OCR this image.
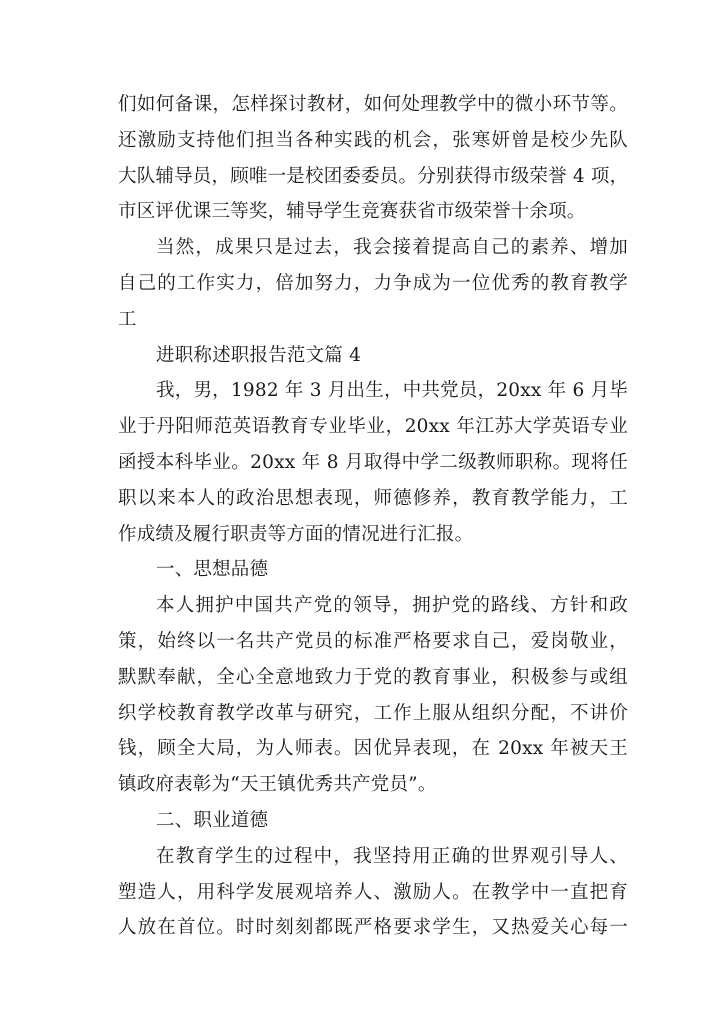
们如何备课，怎样探讨教材，如何处理教学中的微小环节等。
还激励支持他们担当各种实践的机会，张寒妍曾是校少先队
大队辅导员，顾唯一是校团委委员。分别获得市级荣誉 4 项，
市区评优课三等奖，辅导学生竞赛获省市级荣誉十余项。
当然，成果只是过去，我会接着提高自己的素养、增加
自己的工作实力，倍加努力，力争成为一位优秀的教育教学
工
进职称述职报告范文篇 4
我，男，1982 年 3 月出生，中共党员，20xx 年 6 月毕
业于丹阳师范英语教育专业毕业，20xx 年江苏大学英语专业
函授本科毕业。20xx 年 8 月取得中学二级教师职称。现将任
职以来本人的政治思想表现，师德修养，教育教学能力，工
作成绩及履行职责等方面的情况进行汇报。
一、思想品德
本人拥护中国共产党的领导，拥护党的路线、方针和政
策，始终以一名共产党员的标准严格要求自己，爱岗敬业，
默默奉献，全心全意地致力于党的教育事业，积极参与或组
织学校教育教学改革与研究，工作上服从组织分配，不讲价
钱，顾全大局，为人师表。因优异表现，在 20xx 年被天王
镇政府表彰为“天王镇优秀共产党员”。
二、职业道德
在教育学生的过程中，我坚持用正确的世界观引导人、
塑造人，用科学发展观培养人、激励人。在教学中一直把育
人放在首位。时时刻刻都既严格要求学生，又热爱关心每一
